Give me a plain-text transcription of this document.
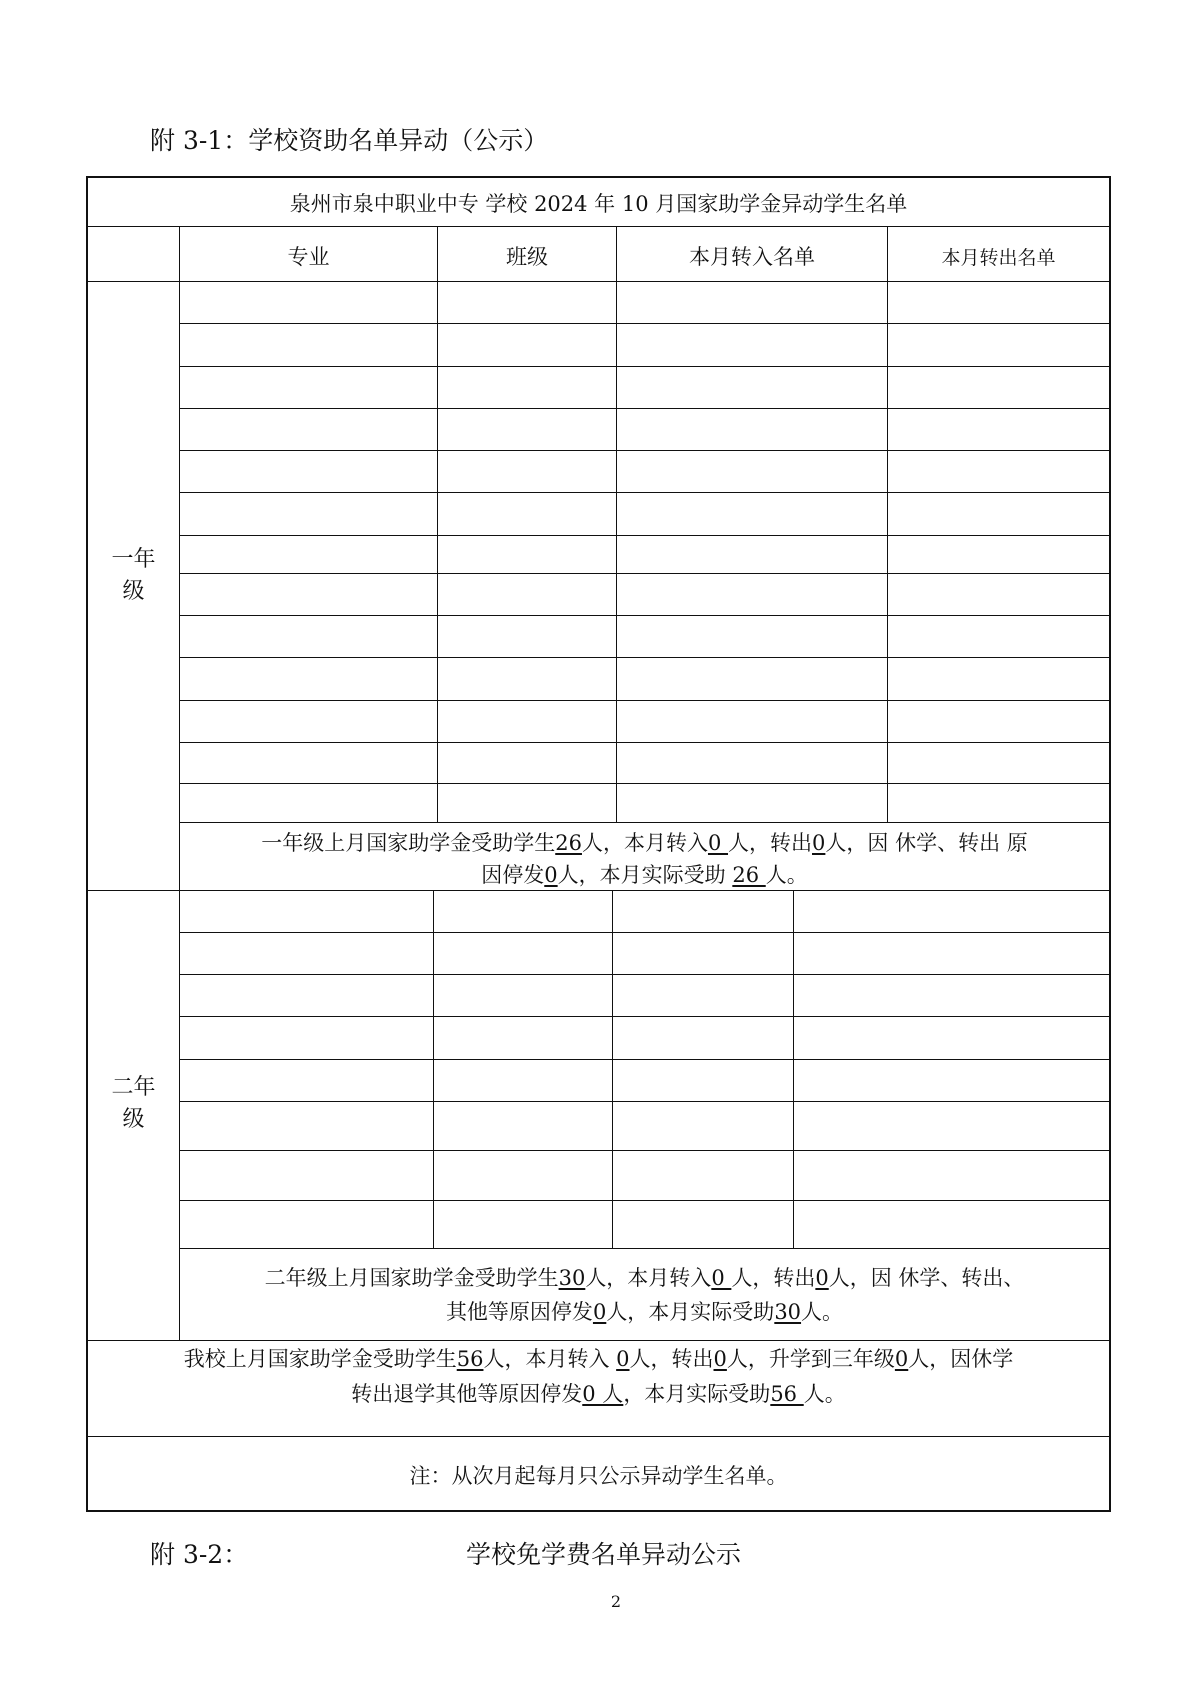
附 3-1：学校资助名单异动（公示）
泉州市泉中职业中专 学校 2024 年 10 月国家助学金异动学生名单
专业	班级	本月转入名单	本月转出名单
一年
级
一年级上月国家助学金受助学生26人，本月转入0 人，转出0人，因 休学、转出 原
因停发0人，本月实际受助 26 人。
二年
级
二年级上月国家助学金受助学生30人，本月转入0 人，转出0人，因 休学、转出、
其他等原因停发0人，本月实际受助30人。
我校上月国家助学金受助学生56人，本月转入 0人，转出0人，升学到三年级0人，因休学
转出退学其他等原因停发0 人，本月实际受助56 人。
注：从次月起每月只公示异动学生名单。
附 3-2：	学校免学费名单异动公示
2
